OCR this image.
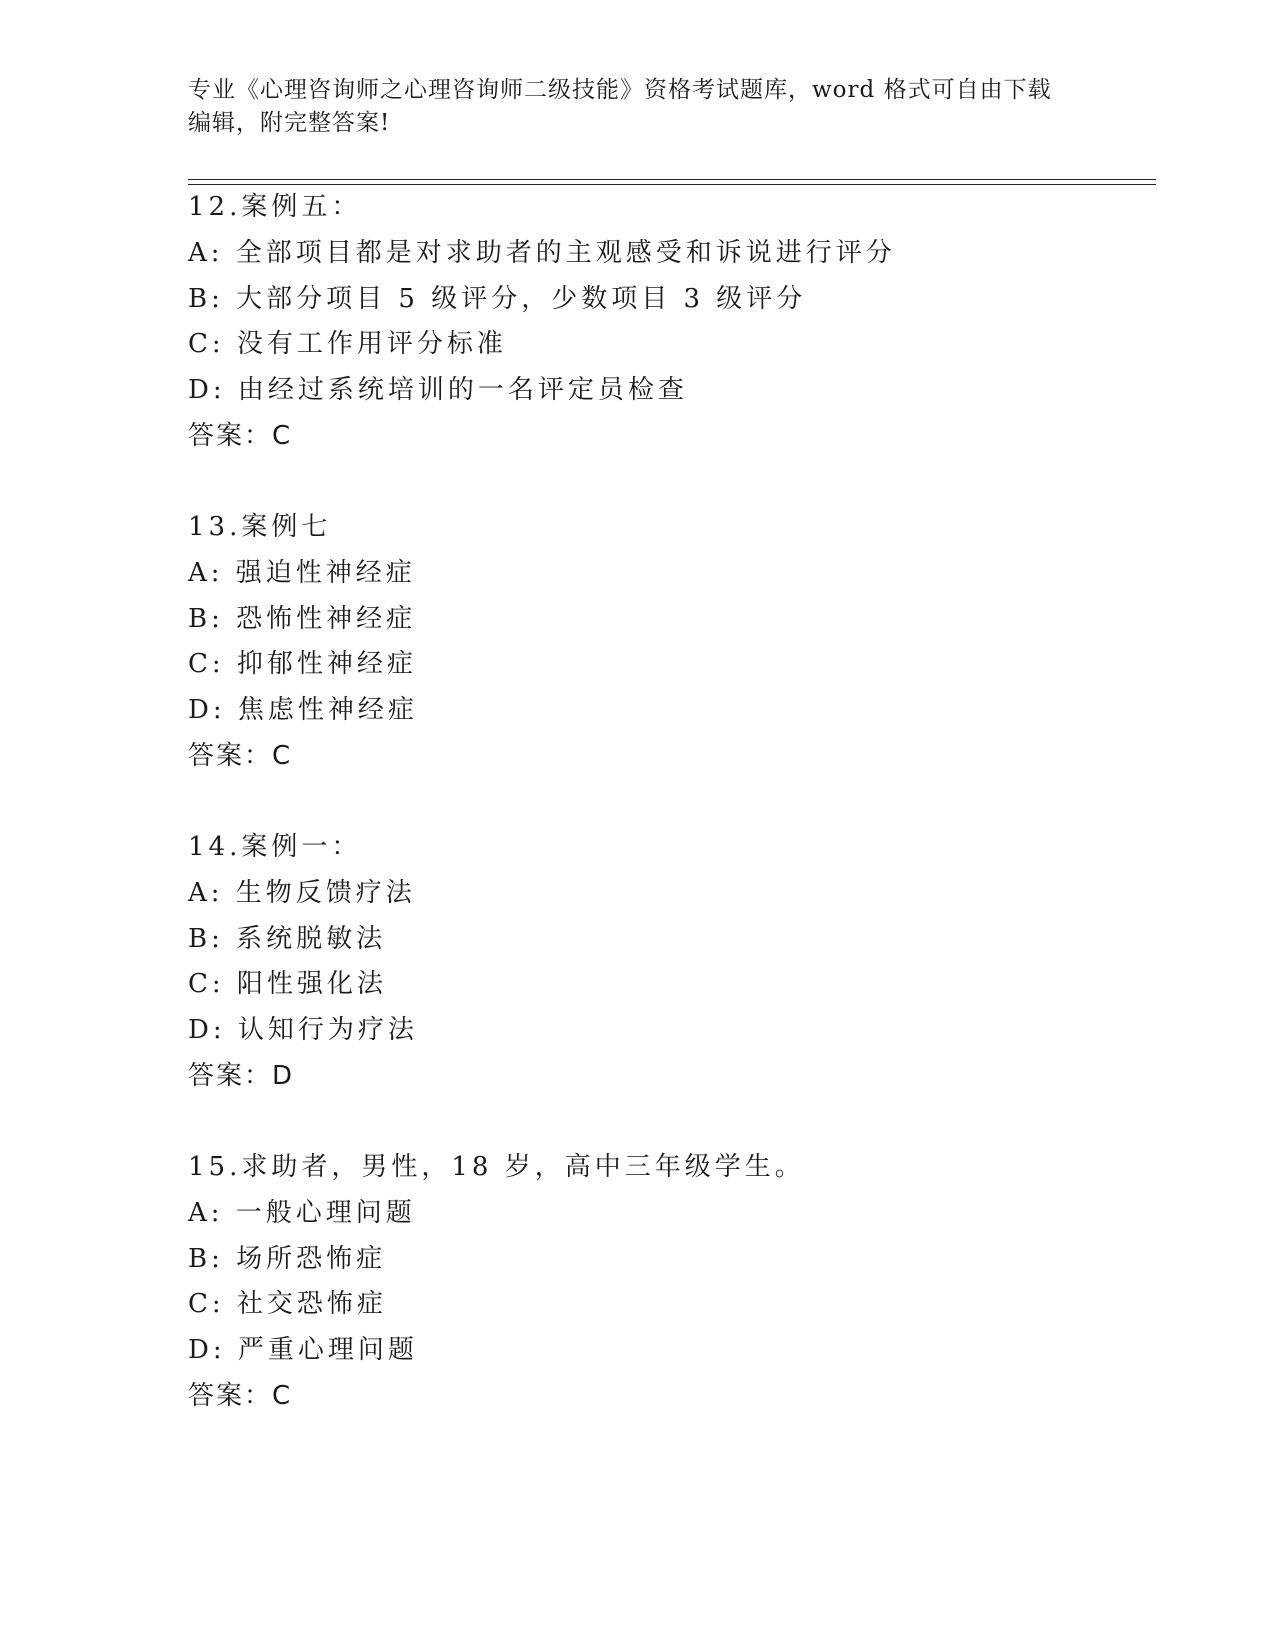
专业《心理咨询师之心理咨询师二级技能》资格考试题库，word 格式可自由下载
编辑，附完整答案!
12.案例五：
A: 全部项目都是对求助者的主观感受和诉说进行评分
B: 大部分项目 5 级评分，少数项目 3 级评分
C: 没有工作用评分标准
D: 由经过系统培训的一名评定员检查
答案：C
13.案例七
A: 强迫性神经症
B: 恐怖性神经症
C: 抑郁性神经症
D: 焦虑性神经症
答案：C
14.案例一：
A: 生物反馈疗法
B: 系统脱敏法
C: 阳性强化法
D: 认知行为疗法
答案：D
15.求助者，男性，18 岁，高中三年级学生。
A: 一般心理问题
B: 场所恐怖症
C: 社交恐怖症
D: 严重心理问题
答案：C
